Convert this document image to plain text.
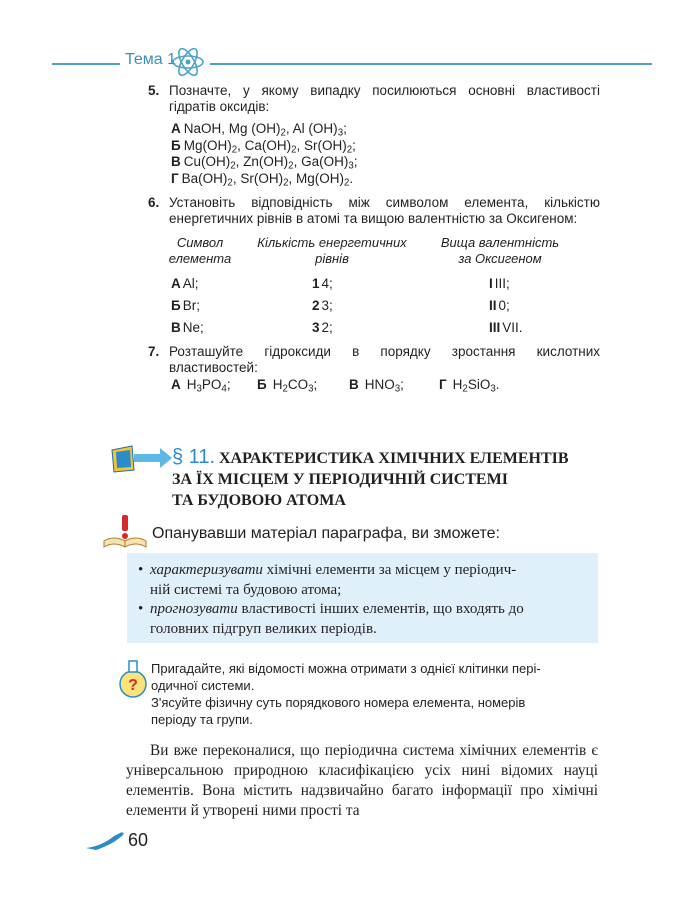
Тема 1
5. Позначте, у якому випадку посилюються основні властивості гідратів оксидів:
А NaOH, Mg $(OH)_2$, Al $(OH)_3$;
Б $Mg(OH)_2$, $Ca(OH)_2$, $Sr(OH)_2$;
В $Cu(OH)_2$, $Zn(OH)_2$, $Ga(OH)_3$;
Г $Ba(OH)_2$, $Sr(OH)_2$, $Mg(OH)_2$.
6. Установіть відповідність між символом елемента, кількістю енергетичних рівнів в атомі та вищою валентністю за Оксигеном:
Символ
елемента
Кількість енергетичних
рівнів
Вища валентність
за Оксигеном
А Al;	1 4;	I III;
Б Br;	2 3;	II 0;
В Ne;	3 2;	III VII.
7. Розташуйте гідроксиди в порядку зростання кислотних властивостей:
А $H_3PO_4$; Б $H_2CO_3$; В $HNO_3$;	Г $H_2SiO_3$.
§ 11. ХАРАКТЕРИСТИКА ХІМІЧНИХ ЕЛЕМЕНТІВ
ЗА ЇХ МІСЦЕМ У ПЕРІОДИЧНІЙ СИСТЕМІ
ТА БУДОВОЮ АТОМА
Опанувавши матеріал параграфа, ви зможете:
• характеризувати хімічні елементи за місцем у періодич-
ній системі та будовою атома;
• прогнозувати властивості інших елементів, що входять до
головних підгруп великих періодів.
?
Пригадайте, які відомості можна отримати з однієї клітинки пері-
одичної системи.
З'ясуйте фізичну суть порядкового номера елемента, номерів
періоду та групи.
Ви вже переконалися, що періодична система хімічних елементів є універсальною природною класифікацією усіх нині відомих науці елементів. Вона містить надзвичайно багато інформації про хімічні елементи й утворені ними прості та
60
